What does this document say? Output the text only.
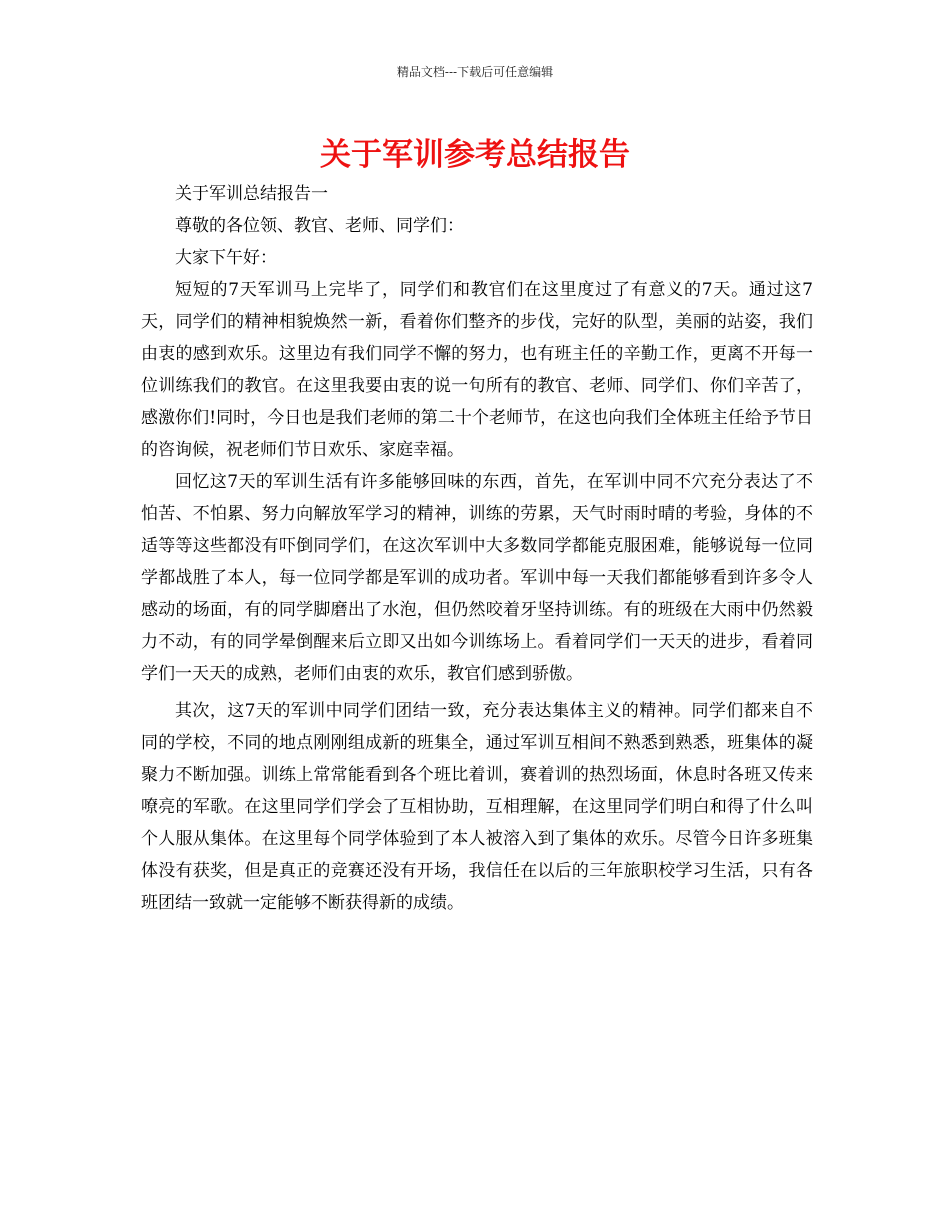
精品文档---下载后可任意编辑
关于军训参考总结报告

关于军训总结报告一

尊敬的各位领、教官、老师、同学们：

大家下午好：

短短的7天军训马上完毕了，同学们和教官们在这里度过了有意义的7天。通过这7天，同学们的精神相貌焕然一新，看着你们整齐的步伐，完好的队型，美丽的站姿，我们由衷的感到欢乐。这里边有我们同学不懈的努力，也有班主任的辛勤工作，更离不开每一位训练我们的教官。在这里我要由衷的说一句所有的教官、老师、同学们、你们辛苦了，感激你们!同时，今日也是我们老师的第二十个老师节，在这也向我们全体班主任给予节日的咨询候，祝老师们节日欢乐、家庭幸福。

回忆这7天的军训生活有许多能够回味的东西，首先，在军训中同不穴充分表达了不怕苦、不怕累、努力向解放军学习的精神，训练的劳累，天气时雨时晴的考验，身体的不适等等这些都没有吓倒同学们，在这次军训中大多数同学都能克服困难，能够说每一位同学都战胜了本人，每一位同学都是军训的成功者。军训中每一天我们都能够看到许多令人感动的场面，有的同学脚磨出了水泡，但仍然咬着牙坚持训练。有的班级在大雨中仍然毅力不动，有的同学晕倒醒来后立即又出如今训练场上。看着同学们一天天的进步，看着同学们一天天的成熟，老师们由衷的欢乐，教官们感到骄傲。

其次，这7天的军训中同学们团结一致，充分表达集体主义的精神。同学们都来自不同的学校，不同的地点刚刚组成新的班集全，通过军训互相间不熟悉到熟悉，班集体的凝聚力不断加强。训练上常常能看到各个班比着训，赛着训的热烈场面，休息时各班又传来嘹亮的军歌。在这里同学们学会了互相协助，互相理解，在这里同学们明白和得了什么叫个人服从集体。在这里每个同学体验到了本人被溶入到了集体的欢乐。尽管今日许多班集体没有获奖，但是真正的竞赛还没有开场，我信任在以后的三年旅职校学习生活，只有各班团结一致就一定能够不断获得新的成绩。
